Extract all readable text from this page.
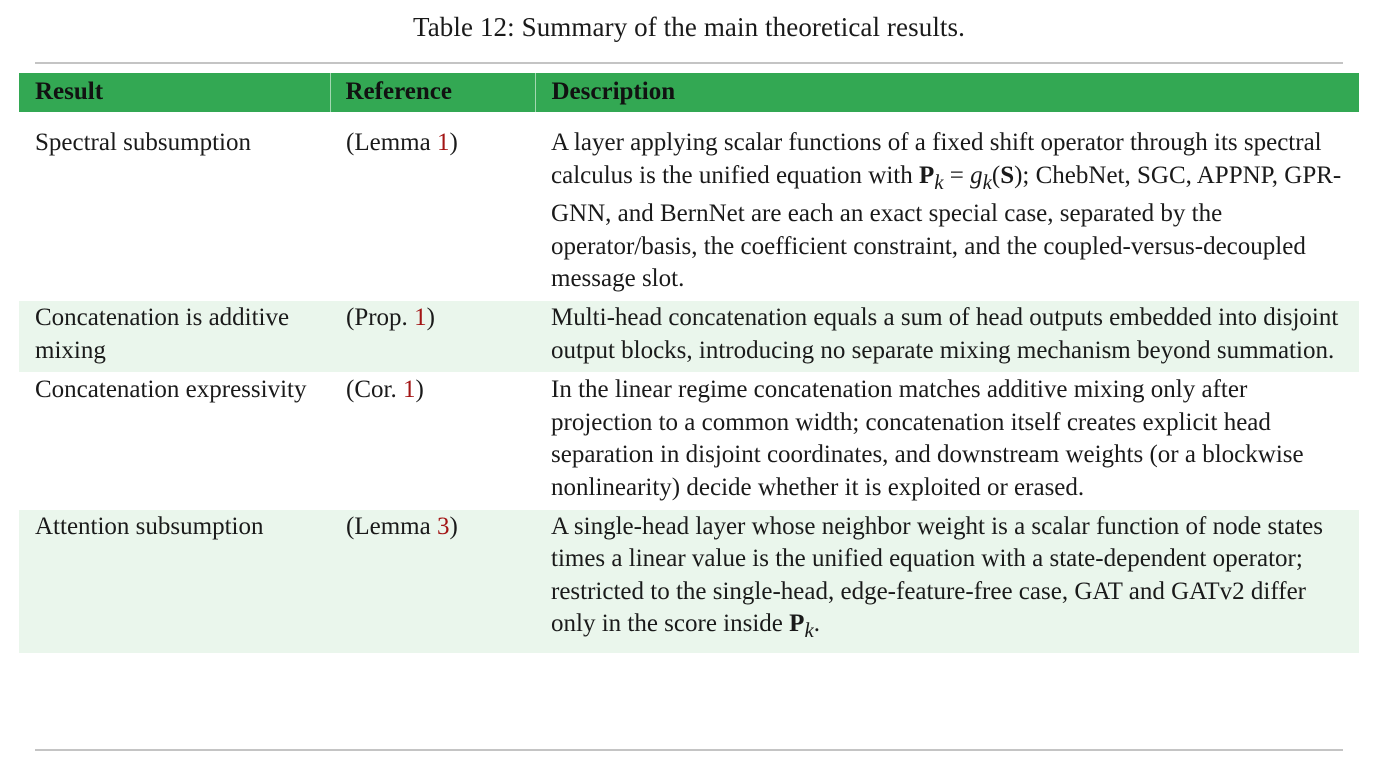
Table 12: Summary of the main theoretical results.
Result	Reference	Description

Spectral subsumption	(Lemma 1)	A layer applying scalar functions of a fixed shift operator through its spectral calculus is the unified equation with $P_k = g_k(S)$; ChebNet, SGC, APPNP, GPR-GNN, and BernNet are each an exact special case, separated by the operator/basis, the coefficient constraint, and the coupled-versus-decoupled message slot.
Concatenation is additive mixing	(Prop. 1)	Multi-head concatenation equals a sum of head outputs embedded into disjoint output blocks, introducing no separate mixing mechanism beyond summation.
Concatenation expressivity	(Cor. 1)	In the linear regime concatenation matches additive mixing only after projection to a common width; concatenation itself creates explicit head separation in disjoint coordinates, and downstream weights (or a blockwise nonlinearity) decide whether it is exploited or erased.
Attention subsumption	(Lemma 3)	A single-head layer whose neighbor weight is a scalar function of node states times a linear value is the unified equation with a state-dependent operator; restricted to the single-head, edge-feature-free case, GAT and GATv2 differ only in the score inside $P_k$.
